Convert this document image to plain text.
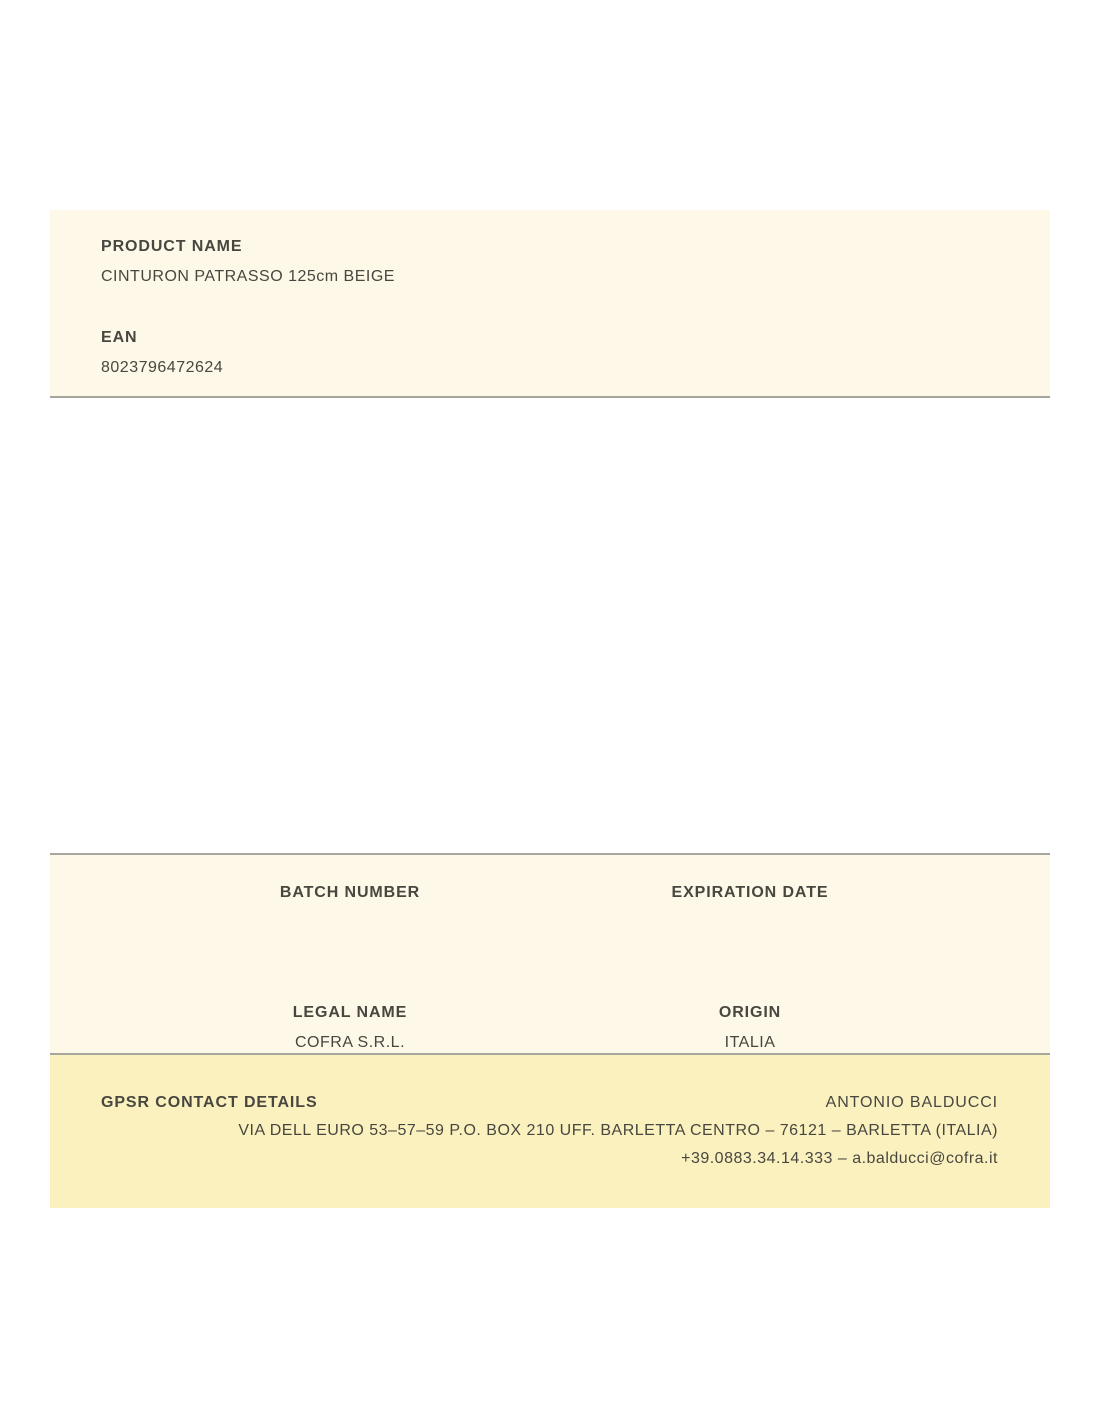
PRODUCT NAME
CINTURON PATRASSO 125cm BEIGE
EAN
8023796472624
BATCH NUMBER	EXPIRATION DATE
LEGAL NAME
COFRA S.R.L.
ORIGIN
ITALIA
GPSR CONTACT DETAILS	ANTONIO BALDUCCI
VIA DELL EURO 53–57–59 P.O. BOX 210 UFF. BARLETTA CENTRO – 76121 – BARLETTA (ITALIA)
+39.0883.34.14.333 – a.balducci@cofra.it
